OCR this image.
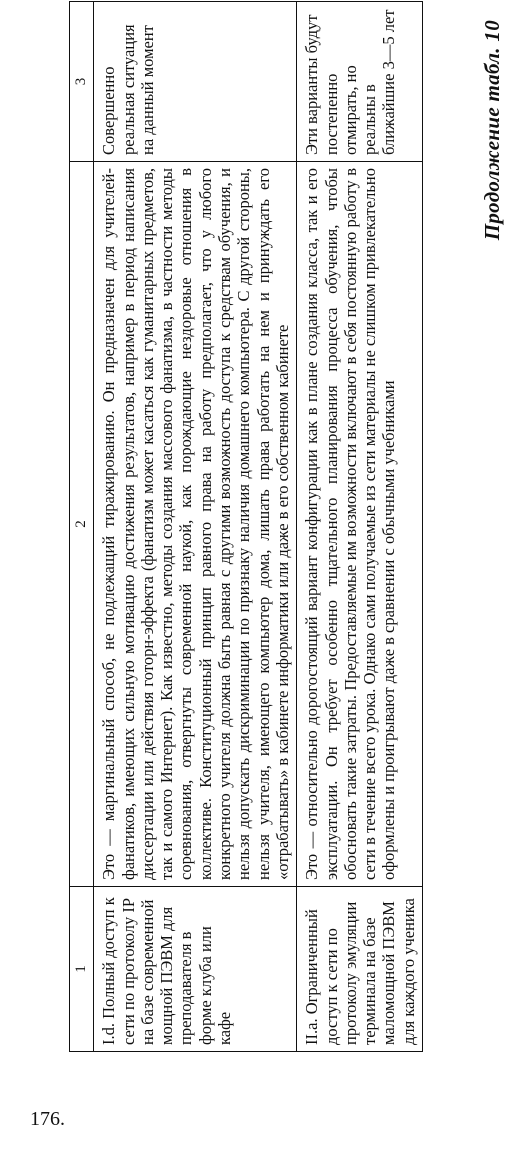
176.
Продолжение табл. 10
1	2	3
I.d. Полный доступ к сети по протоколу IP на базе современной мощной ПЭВМ для преподавателя в форме клуба или кафе	Это — маргинальный способ, не подлежащий тиражированию. Он предназначен для учителей-фанатиков, имеющих сильную мотивацию достижения результатов, например в период написания диссертации или действия готорн-эффекта (фанатизм может касаться как гуманитарных предметов, так и самого Интернет). Как известно, методы создания массового фанатизма, в частности методы соревнования, отвергнуты современной наукой, как порождающие нездоровые отношения в коллективе. Конституционный принцип равного права на работу предполагает, что у любого конкретного учителя должна быть равная с другими возможность доступа к средствам обучения, и нельзя допускать дискриминации по признаку наличия домашнего компьютера. С другой стороны, нельзя учителя, имеющего компьютер дома, лишать права работать на нем и принуждать его «отрабатывать» в кабинете информатики или даже в его собственном кабинете	Совершенно реальная ситуация на данный момент
II.a. Ограниченный доступ к сети по протоколу эмуляции терминала на базе маломощной ПЭВМ для каждого ученика	Это — относительно дорогостоящий вариант конфигурации как в плане создания класса, так и его эксплуатации. Он требует особенно тщательного планирования процесса обучения, чтобы обосновать такие затраты. Предоставляемые им возможности включают в себя постоянную работу в сети в течение всего урока. Однако сами получаемые из сети материалы не слишком привлекательно оформлены и проигрывают даже в сравнении с обычными учебниками	Эти варианты будут постепенно отмирать, но реальны в ближайшие 3—5 лет
